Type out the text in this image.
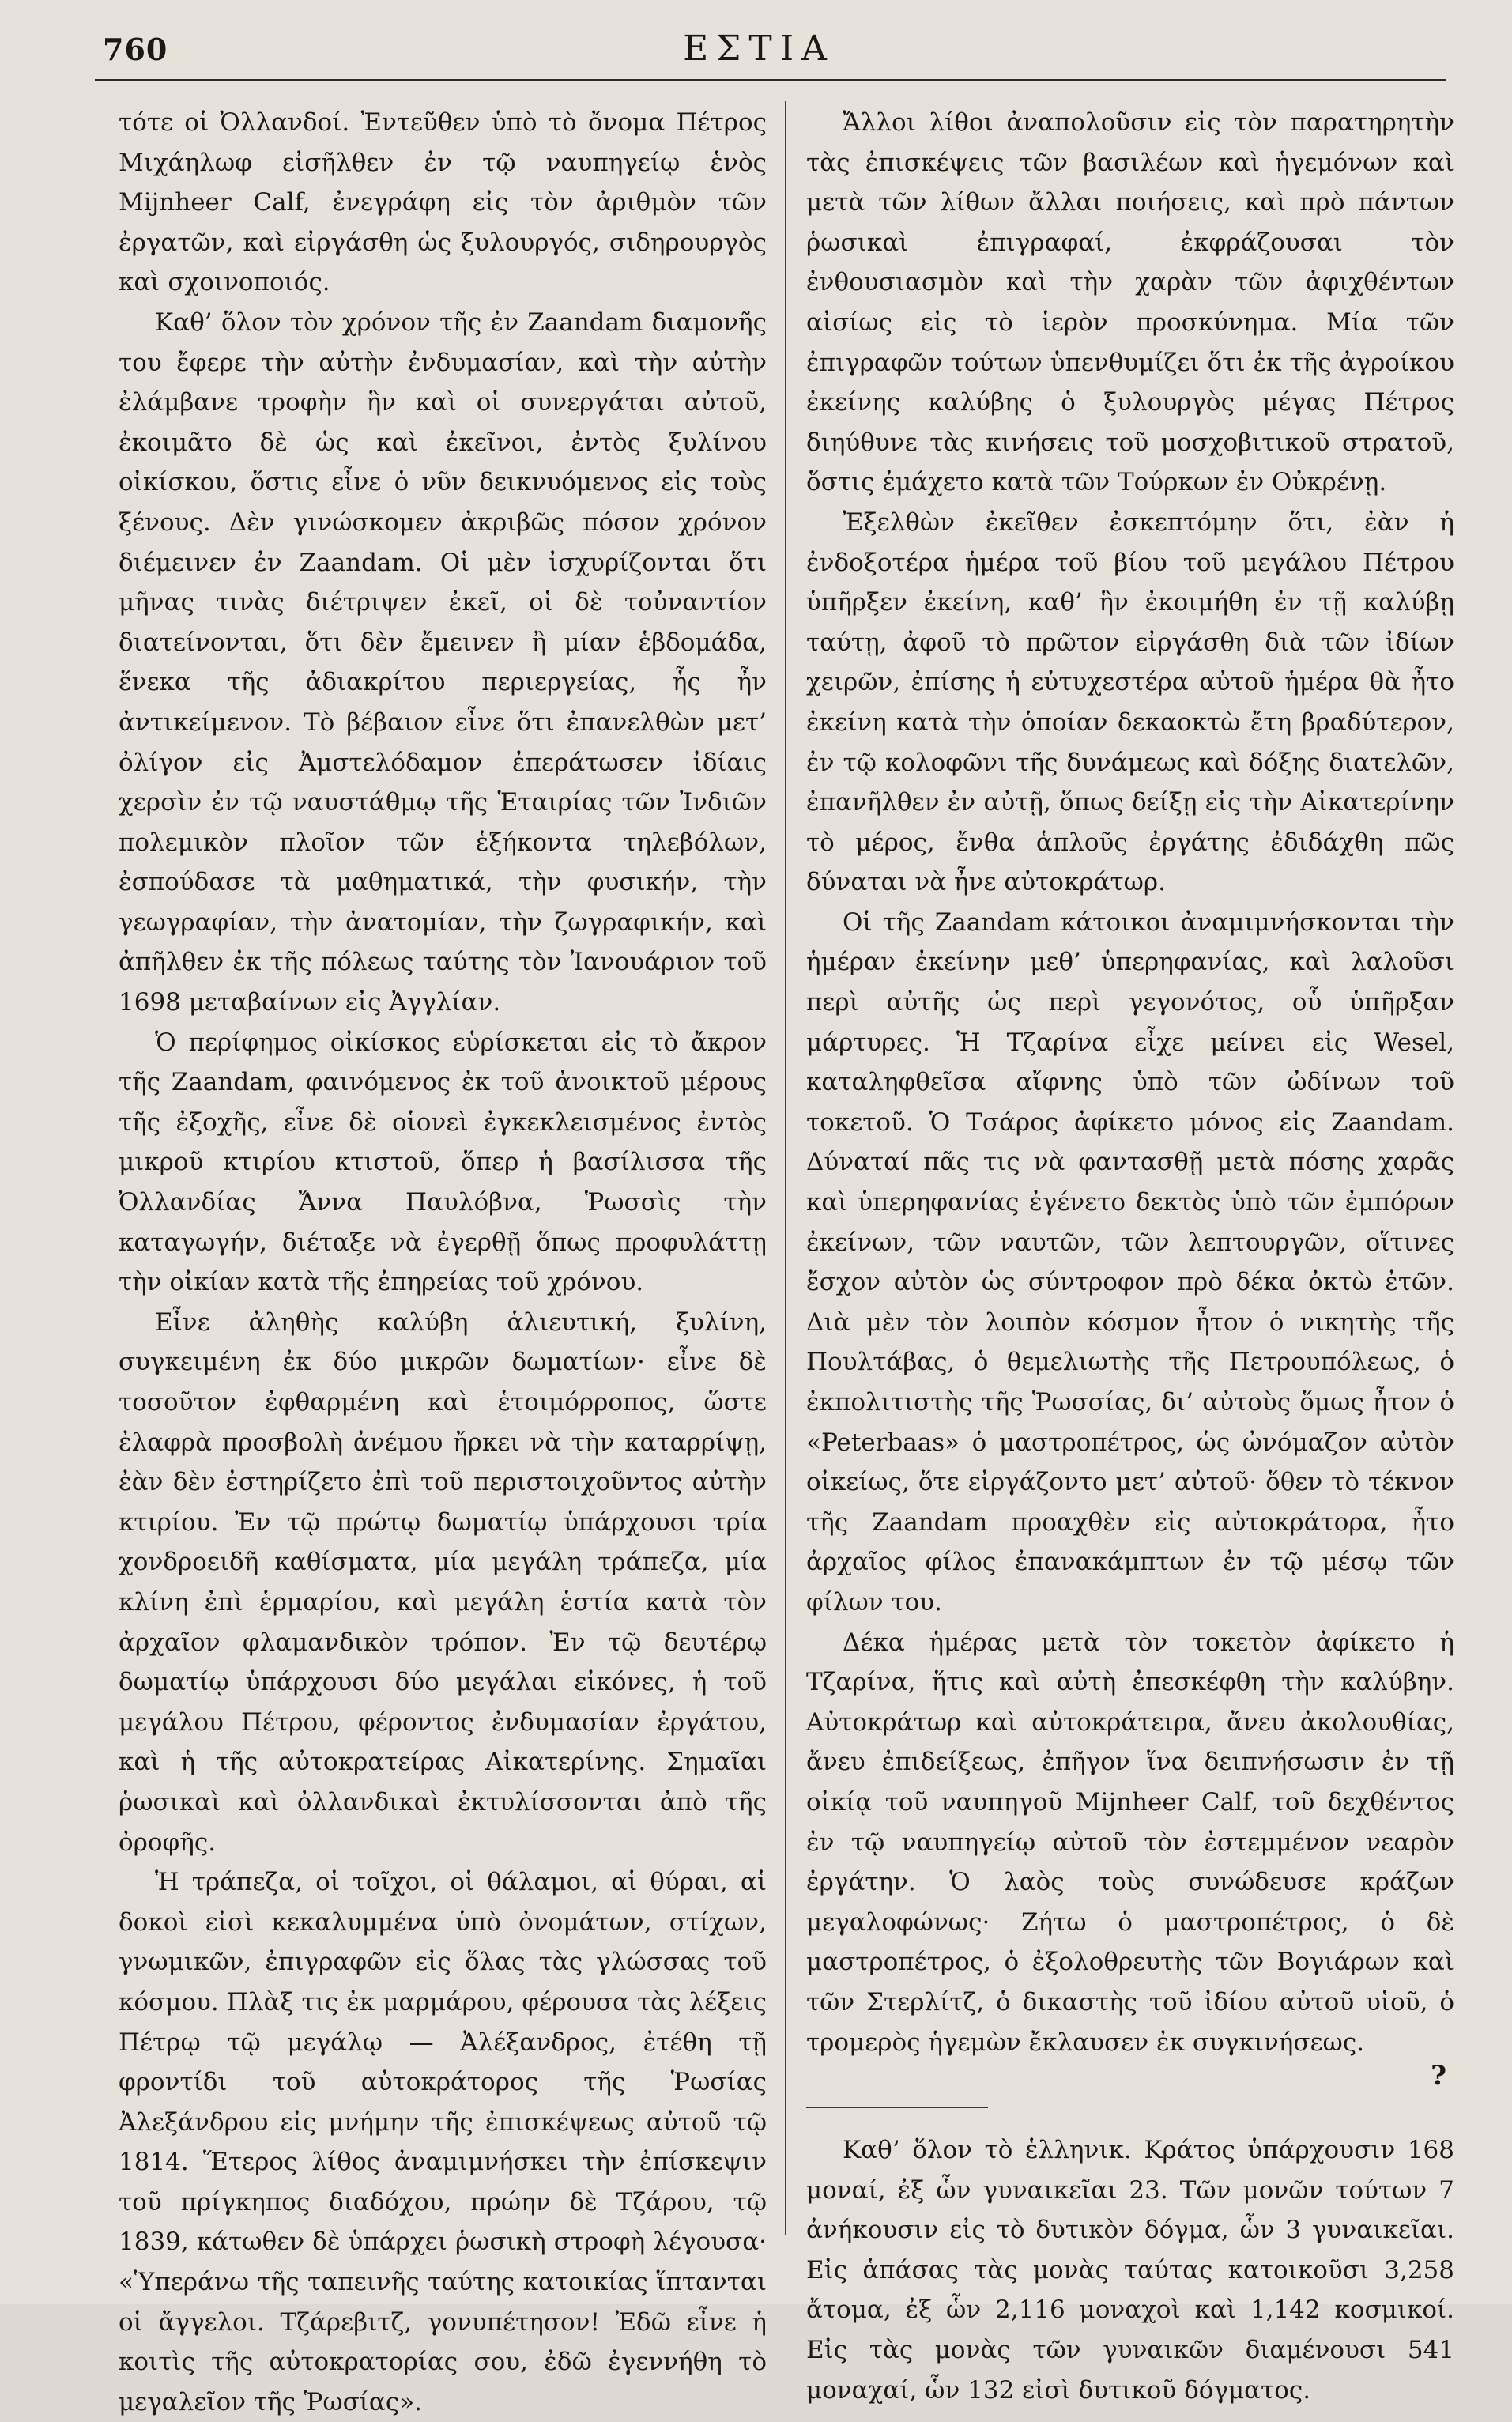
760	ΕΣΤΙΑ

τότε οἱ Ὀλλανδοί. Ἐντεῦθεν ὑπὸ τὸ ὄνομα Πέτρος Μιχάηλωφ εἰσῆλθεν ἐν τῷ ναυπηγείῳ ἑνὸς Mijnheer Calf, ἐνεγράφη εἰς τὸν ἀριθμὸν τῶν ἐργατῶν, καὶ εἰργάσθη ὡς ξυλουργός, σιδηρουργὸς καὶ σχοινοποιός.

Καθ’ ὅλον τὸν χρόνον τῆς ἐν Zaandam διαμονῆς του ἔφερε τὴν αὐτὴν ἐνδυμασίαν, καὶ τὴν αὐτὴν ἐλάμβανε τροφὴν ἣν καὶ οἱ συνεργάται αὐτοῦ, ἐκοιμᾶτο δὲ ὡς καὶ ἐκεῖνοι, ἐντὸς ξυλίνου οἰκίσκου, ὅστις εἶνε ὁ νῦν δεικνυόμενος εἰς τοὺς ξένους. Δὲν γινώσκομεν ἀκριβῶς πόσον χρόνον διέμεινεν ἐν Zaandam. Οἱ μὲν ἰσχυρίζονται ὅτι μῆνας τινὰς διέτριψεν ἐκεῖ, οἱ δὲ τοὐναντίον διατείνονται, ὅτι δὲν ἔμεινεν ἢ μίαν ἑβδομάδα, ἕνεκα τῆς ἀδιακρίτου περιεργείας, ἧς ἦν ἀντικείμενον. Τὸ βέβαιον εἶνε ὅτι ἐπανελθὼν μετ’ ὀλίγον εἰς Ἀμστελόδαμον ἐπεράτωσεν ἰδίαις χερσὶν ἐν τῷ ναυστάθμῳ τῆς Ἑταιρίας τῶν Ἰνδιῶν πολεμικὸν πλοῖον τῶν ἑξήκοντα τηλεβόλων, ἐσπούδασε τὰ μαθηματικά, τὴν φυσικήν, τὴν γεωγραφίαν, τὴν ἀνατομίαν, τὴν ζωγραφικήν, καὶ ἀπῆλθεν ἐκ τῆς πόλεως ταύτης τὸν Ἰανουάριον τοῦ 1698 μεταβαίνων εἰς Ἀγγλίαν.

Ὁ περίφημος οἰκίσκος εὑρίσκεται εἰς τὸ ἄκρον τῆς Zaandam, φαινόμενος ἐκ τοῦ ἀνοικτοῦ μέρους τῆς ἐξοχῆς, εἶνε δὲ οἱονεὶ ἐγκεκλεισμένος ἐντὸς μικροῦ κτιρίου κτιστοῦ, ὅπερ ἡ βασίλισσα τῆς Ὀλλανδίας Ἄννα Παυλόβνα, Ῥωσσὶς τὴν καταγωγήν, διέταξε νὰ ἐγερθῇ ὅπως προφυλάττῃ τὴν οἰκίαν κατὰ τῆς ἐπηρείας τοῦ χρόνου.

Εἶνε ἀληθὴς καλύβη ἁλιευτική, ξυλίνη, συγκειμένη ἐκ δύο μικρῶν δωματίων· εἶνε δὲ τοσοῦτον ἐφθαρμένη καὶ ἑτοιμόρροπος, ὥστε ἐλαφρὰ προσβολὴ ἀνέμου ἤρκει νὰ τὴν καταρρίψῃ, ἐὰν δὲν ἐστηρίζετο ἐπὶ τοῦ περιστοιχοῦντος αὐτὴν κτιρίου. Ἐν τῷ πρώτῳ δωματίῳ ὑπάρχουσι τρία χονδροειδῆ καθίσματα, μία μεγάλη τράπεζα, μία κλίνη ἐπὶ ἑρμαρίου, καὶ μεγάλη ἑστία κατὰ τὸν ἀρχαῖον φλαμανδικὸν τρόπον. Ἐν τῷ δευτέρῳ δωματίῳ ὑπάρχουσι δύο μεγάλαι εἰκόνες, ἡ τοῦ μεγάλου Πέτρου, φέροντος ἐνδυμασίαν ἐργάτου, καὶ ἡ τῆς αὐτοκρατείρας Αἰκατερίνης. Σημαῖαι ῥωσικαὶ καὶ ὀλλανδικαὶ ἐκτυλίσσονται ἀπὸ τῆς ὀροφῆς.

Ἡ τράπεζα, οἱ τοῖχοι, οἱ θάλαμοι, αἱ θύραι, αἱ δοκοὶ εἰσὶ κεκαλυμμένα ὑπὸ ὀνομάτων, στίχων, γνωμικῶν, ἐπιγραφῶν εἰς ὅλας τὰς γλώσσας τοῦ κόσμου. Πλὰξ τις ἐκ μαρμάρου, φέρουσα τὰς λέξεις Πέτρῳ τῷ μεγάλῳ — Ἀλέξανδρος, ἐτέθη τῇ φροντίδι τοῦ αὐτοκράτορος τῆς Ῥωσίας Ἀλεξάνδρου εἰς μνήμην τῆς ἐπισκέψεως αὐτοῦ τῷ 1814. Ἕτερος λίθος ἀναμιμνήσκει τὴν ἐπίσκεψιν τοῦ πρίγκηπος διαδόχου, πρώην δὲ Τζάρου, τῷ 1839, κάτωθεν δὲ ὑπάρχει ῥωσικὴ στροφὴ λέγουσα· «Ὑπεράνω τῆς ταπεινῆς ταύτης κατοικίας ἵπτανται οἱ ἄγγελοι. Τζάρεβιτζ, γονυπέτησον! Ἐδῶ εἶνε ἡ κοιτὶς τῆς αὐτοκρατορίας σου, ἐδῶ ἐγεννήθη τὸ μεγαλεῖον τῆς Ῥωσίας».

Ἄλλοι λίθοι ἀναπολοῦσιν εἰς τὸν παρατηρητὴν τὰς ἐπισκέψεις τῶν βασιλέων καὶ ἡγεμόνων καὶ μετὰ τῶν λίθων ἄλλαι ποιήσεις, καὶ πρὸ πάντων ῥωσικαὶ ἐπιγραφαί, ἐκφράζουσαι τὸν ἐνθουσιασμὸν καὶ τὴν χαρὰν τῶν ἀφιχθέντων αἰσίως εἰς τὸ ἱερὸν προσκύνημα. Μία τῶν ἐπιγραφῶν τούτων ὑπενθυμίζει ὅτι ἐκ τῆς ἀγροίκου ἐκείνης καλύβης ὁ ξυλουργὸς μέγας Πέτρος διηύθυνε τὰς κινήσεις τοῦ μοσχοβιτικοῦ στρατοῦ, ὅστις ἐμάχετο κατὰ τῶν Τούρκων ἐν Οὐκρένῃ.

Ἐξελθὼν ἐκεῖθεν ἐσκεπτόμην ὅτι, ἐὰν ἡ ἐνδοξοτέρα ἡμέρα τοῦ βίου τοῦ μεγάλου Πέτρου ὑπῆρξεν ἐκείνη, καθ’ ἣν ἐκοιμήθη ἐν τῇ καλύβῃ ταύτῃ, ἀφοῦ τὸ πρῶτον εἰργάσθη διὰ τῶν ἰδίων χειρῶν, ἐπίσης ἡ εὐτυχεστέρα αὐτοῦ ἡμέρα θὰ ἦτο ἐκείνη κατὰ τὴν ὁποίαν δεκαοκτὼ ἔτη βραδύτερον, ἐν τῷ κολοφῶνι τῆς δυνάμεως καὶ δόξης διατελῶν, ἐπανῆλθεν ἐν αὐτῇ, ὅπως δείξῃ εἰς τὴν Αἰκατερίνην τὸ μέρος, ἔνθα ἁπλοῦς ἐργάτης ἐδιδάχθη πῶς δύναται νὰ ἦνε αὐτοκράτωρ.

Οἱ τῆς Zaandam κάτοικοι ἀναμιμνήσκονται τὴν ἡμέραν ἐκείνην μεθ’ ὑπερηφανίας, καὶ λαλοῦσι περὶ αὐτῆς ὡς περὶ γεγονότος, οὗ ὑπῆρξαν μάρτυρες. Ἡ Τζαρίνα εἶχε μείνει εἰς Wesel, καταληφθεῖσα αἴφνης ὑπὸ τῶν ὠδίνων τοῦ τοκετοῦ. Ὁ Τσάρος ἀφίκετο μόνος εἰς Zaandam. Δύναταί πᾶς τις νὰ φαντασθῇ μετὰ πόσης χαρᾶς καὶ ὑπερηφανίας ἐγένετο δεκτὸς ὑπὸ τῶν ἐμπόρων ἐκείνων, τῶν ναυτῶν, τῶν λεπτουργῶν, οἵτινες ἔσχον αὐτὸν ὡς σύντροφον πρὸ δέκα ὀκτὼ ἐτῶν. Διὰ μὲν τὸν λοιπὸν κόσμον ἦτον ὁ νικητὴς τῆς Πουλτάβας, ὁ θεμελιωτὴς τῆς Πετρουπόλεως, ὁ ἐκπολιτιστὴς τῆς Ῥωσσίας, δι’ αὐτοὺς ὅμως ἦτον ὁ «Peterbaas» ὁ μαστροπέτρος, ὡς ὠνόμαζον αὐτὸν οἰκείως, ὅτε εἰργάζοντο μετ’ αὐτοῦ· ὅθεν τὸ τέκνον τῆς Zaandam προαχθὲν εἰς αὐτοκράτορα, ἦτο ἀρχαῖος φίλος ἐπανακάμπτων ἐν τῷ μέσῳ τῶν φίλων του.

Δέκα ἡμέρας μετὰ τὸν τοκετὸν ἀφίκετο ἡ Τζαρίνα, ἥτις καὶ αὐτὴ ἐπεσκέφθη τὴν καλύβην. Αὐτοκράτωρ καὶ αὐτοκράτειρα, ἄνευ ἀκολουθίας, ἄνευ ἐπιδείξεως, ἐπῆγον ἵνα δειπνήσωσιν ἐν τῇ οἰκίᾳ τοῦ ναυπηγοῦ Mijnheer Calf, τοῦ δεχθέντος ἐν τῷ ναυπηγείῳ αὐτοῦ τὸν ἐστεμμένον νεαρὸν ἐργάτην. Ὁ λαὸς τοὺς συνώδευσε κράζων μεγαλοφώνως· Ζήτω ὁ μαστροπέτρος, ὁ δὲ μαστροπέτρος, ὁ ἐξολοθρευτὴς τῶν Βογιάρων καὶ τῶν Στερλίτζ, ὁ δικαστὴς τοῦ ἰδίου αὐτοῦ υἱοῦ, ὁ τρομερὸς ἡγεμὼν ἔκλαυσεν ἐκ συγκινήσεως.

?

Καθ’ ὅλον τὸ ἑλληνικ. Κράτος ὑπάρχουσιν 168 μοναί, ἐξ ὧν γυναικεῖαι 23. Τῶν μονῶν τούτων 7 ἀνήκουσιν εἰς τὸ δυτικὸν δόγμα, ὧν 3 γυναικεῖαι. Εἰς ἁπάσας τὰς μονὰς ταύτας κατοικοῦσι 3,258 ἄτομα, ἐξ ὧν 2,116 μοναχοὶ καὶ 1,142 κοσμικοί. Εἰς τὰς μονὰς τῶν γυναικῶν διαμένουσι 541 μοναχαί, ὧν 132 εἰσὶ δυτικοῦ δόγματος.
